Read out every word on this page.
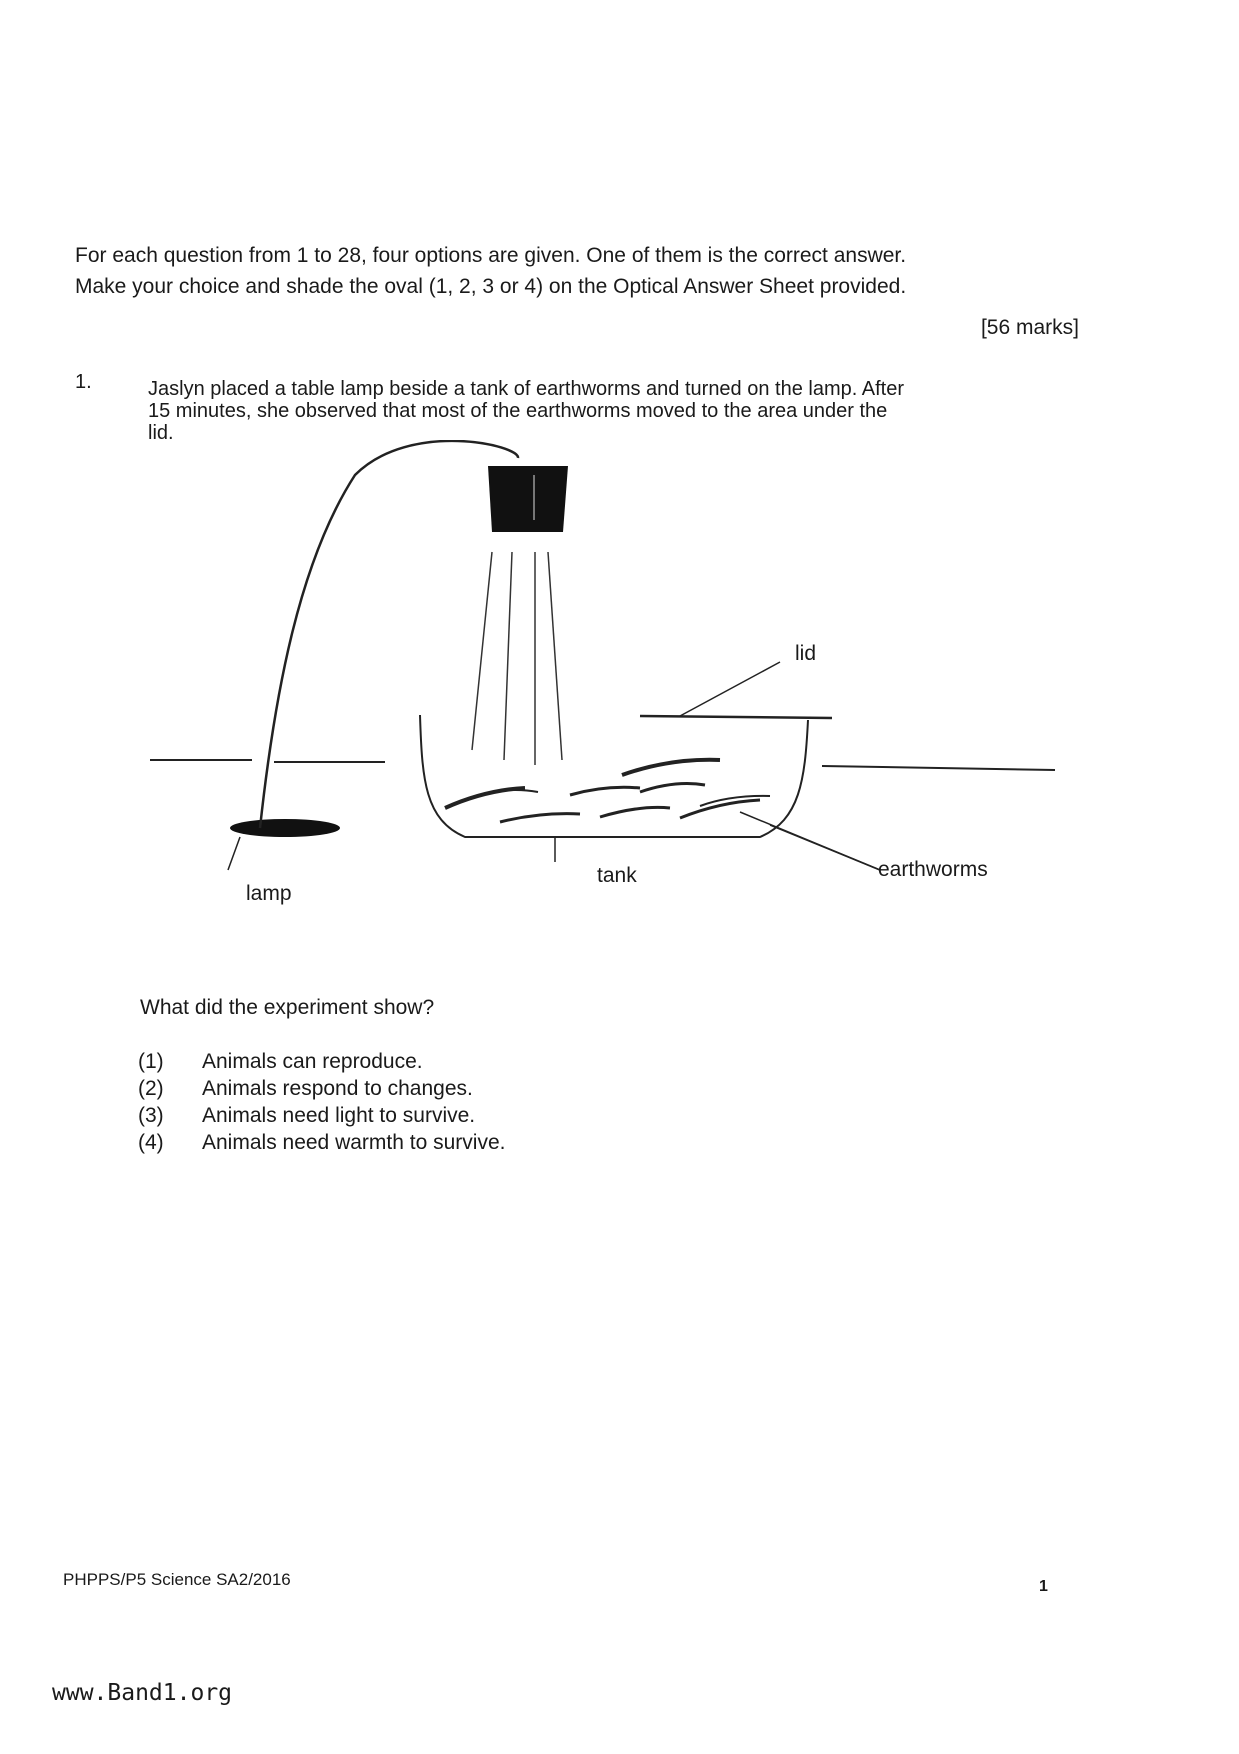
For each question from 1 to 28, four options are given. One of them is the correct answer.

Make your choice and shade the oval (1, 2, 3 or 4) on the Optical Answer Sheet provided.

[56 marks]
1.	Jaslyn placed a table lamp beside a tank of earthworms and turned on the lamp. After

15 minutes, she observed that most of the earthworms moved to the area under the

lid.

lid
lamp
tank	earthworms
What did the experiment show?
(1)	Animals can reproduce.
(2)	Animals respond to changes.
(3)	Animals need light to survive.
(4)	Animals need warmth to survive.
PHPPS/P5 Science SA2/2016	1
www.Band1.org
